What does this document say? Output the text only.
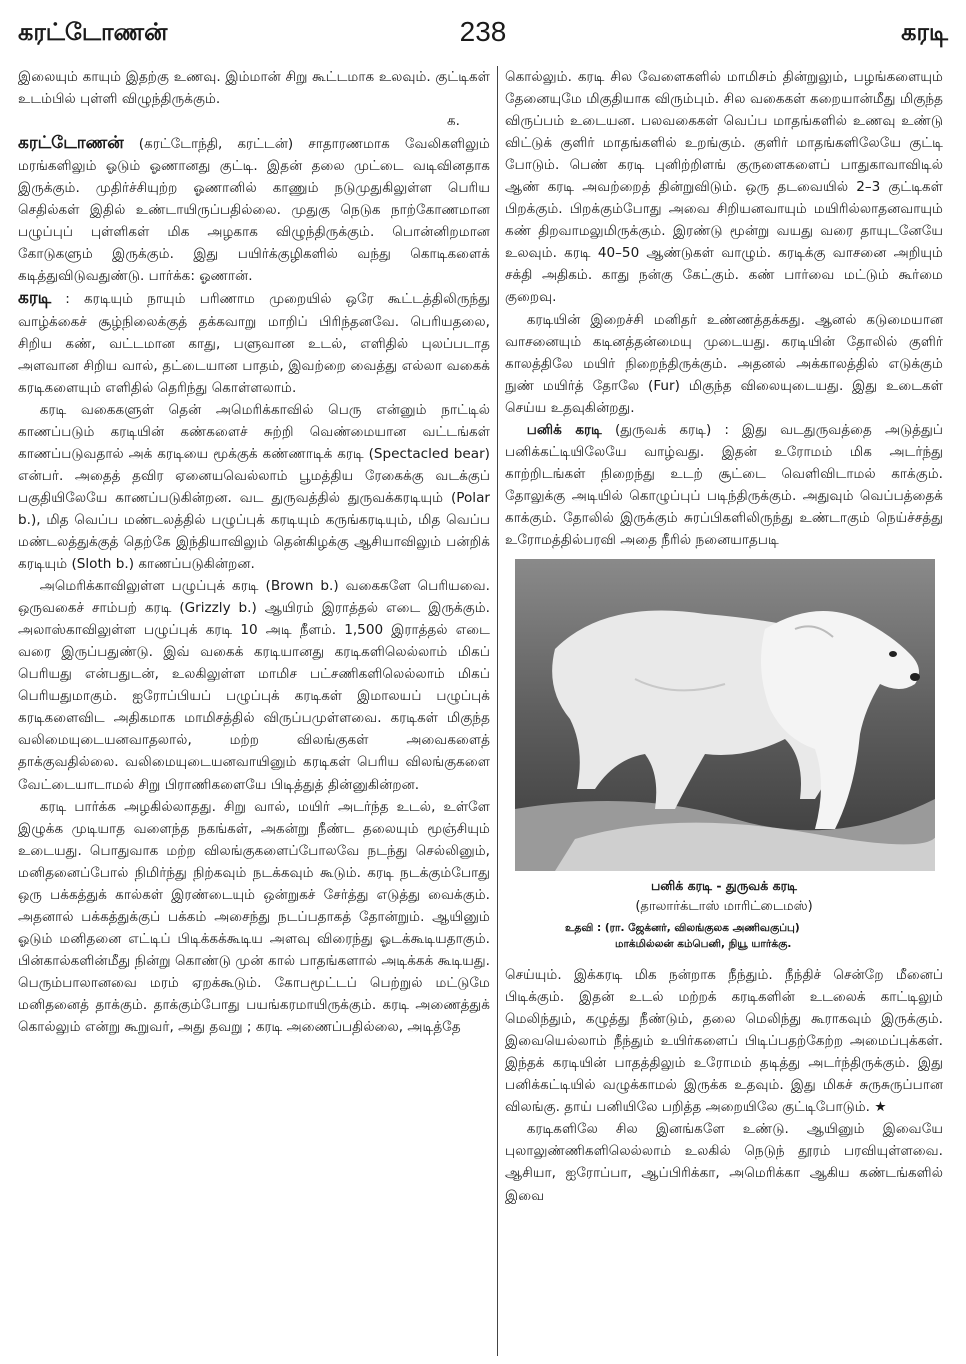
கரட்டோணன்	238	கரடி

இலையும் காயும் இதற்கு உணவு. இம்மான் சிறு கூட்டமாக உலவும். குட்டிகள் உடம்பில் புள்ளி விழுந்திருக்கும்.

க.

கரட்டோணன் (கரட்டோந்தி, கரட்டன்) சாதாரணமாக வேலிகளிலும் மரங்களிலும் ஓடும் ஓணானது குட்டி. இதன் தலை முட்டை வடிவினதாக இருக்கும். முதிர்ச்சியுற்ற ஓணானில் காணும் நடுமுதுகிலுள்ள பெரிய செதில்கள் இதில் உண்டாயிருப்பதில்லை. முதுகு நெடுக நாற்கோணமான பழுப்புப் புள்ளிகள் மிக அழகாக விழுந்திருக்கும். பொன்னிறமான கோடுகளும் இருக்கும். இது பயிர்க்குழிகளில் வந்து கொடிகளைக் கடித்துவிடுவதுண்டு. பார்க்க: ஓணான்.

கரடி : கரடியும் நாயும் பரிணாம முறையில் ஒரே கூட்டத்திலிருந்து வாழ்க்கைச் சூழ்நிலைக்குத் தக்கவாறு மாறிப் பிரிந்தனவே. பெரியதலை, சிறிய கண், வட்டமான காது, பளுவான உடல், எளிதில் புலப்படாத அளவான சிறிய வால், தட்டையான பாதம், இவற்றை வைத்து எல்லா வகைக் கரடிகளையும் எளிதில் தெரிந்து கொள்ளலாம்.

கரடி வகைகளுள் தென் அமெரிக்காவில் பெரு என்னும் நாட்டில் காணப்படும் கரடியின் கண்களைச் சுற்றி வெண்மையான வட்டங்கள் காணப்படுவதால் அக் கரடியை மூக்குக் கண்ணாடிக் கரடி (Spectacled bear) என்பர். அதைத் தவிர ஏனையவெல்லாம் பூமத்திய ரேகைக்கு வடக்குப் பகுதியிலேயே காணப்படுகின்றன. வட துருவத்தில் துருவக்கரடியும் (Polar b.), மித வெப்ப மண்டலத்தில் பழுப்புக் கரடியும் கருங்கரடியும், மித வெப்ப மண்டலத்துக்குத் தெற்கே இந்தியாவிலும் தென்கிழக்கு ஆசியாவிலும் பன்றிக் கரடியும் (Sloth b.) காணப்படுகின்றன.

அமெரிக்காவிலுள்ள பழுப்புக் கரடி (Brown b.) வகைகளே பெரியவை. ஒருவகைச் சாம்பற் கரடி (Grizzly b.) ஆயிரம் இராத்தல் எடை இருக்கும். அலாஸ்காவிலுள்ள பழுப்புக் கரடி 10 அடி நீளம். 1,500 இராத்தல் எடை வரை இருப்பதுண்டு. இவ் வகைக் கரடியானது கரடிகளிலெல்லாம் மிகப் பெரியது என்பதுடன், உலகிலுள்ள மாமிச பட்சணிகளிலெல்லாம் மிகப் பெரியதுமாகும். ஐரோப்பியப் பழுப்புக் கரடிகள் இமாலயப் பழுப்புக் கரடிகளைவிட அதிகமாக மாமிசத்தில் விருப்பமுள்ளவை. கரடிகள் மிகுந்த வலிமையுடையனவாதலால், மற்ற விலங்குகள் அவைகளைத் தாக்குவதில்லை. வலிமையுடையனவாயினும் கரடிகள் பெரிய விலங்குகளை வேட்டையாடாமல் சிறு பிராணிகளையே பிடித்துத் தின்னுகின்றன.

கரடி பார்க்க அழகில்லாதது. சிறு வால், மயிர் அடர்ந்த உடல், உள்ளே இழுக்க முடியாத வளைந்த நகங்கள், அகன்று நீண்ட தலையும் மூஞ்சியும் உடையது. பொதுவாக மற்ற விலங்குகளைப்போலவே நடந்து செல்லினும், மனிதனைப்போல் நிமிர்ந்து நிற்கவும் நடக்கவும் கூடும். கரடி நடக்கும்போது ஒரு பக்கத்துக் கால்கள் இரண்டையும் ஒன்றுகச் சேர்த்து எடுத்து வைக்கும். அதனால் பக்கத்துக்குப் பக்கம் அசைந்து நடப்பதாகத் தோன்றும். ஆயினும் ஓடும் மனிதனை எட்டிப் பிடிக்கக்கூடிய அளவு விரைந்து ஓடக்கூடியதாகும். பின்கால்களின்மீது நின்று கொண்டு முன் கால் பாதங்களால் அடிக்கக் கூடியது. பெரும்பாலானவை மரம் ஏறக்கூடும். கோபமூட்டப் பெற்றுல் மட்டுமே மனிதனைத் தாக்கும். தாக்கும்போது பயங்கரமாயிருக்கும். கரடி அணைத்துக் கொல்லும் என்று கூறுவர், அது தவறு ; கரடி அணைப்பதில்லை, அடித்தே

கொல்லும். கரடி சில வேளைகளில் மாமிசம் தின்றுலும், பழங்களையும் தேனையுமே மிகுதியாக விரும்பும். சில வகைகள் கறையான்மீது மிகுந்த விருப்பம் உடையன. பலவகைகள் வெப்ப மாதங்களில் உணவு உண்டு விட்டுக் குளிர் மாதங்களில் உறங்கும். குளிர் மாதங்களிலேயே குட்டி போடும். பெண் கரடி புனிற்றிளங் குருளைகளைப் பாதுகாவாவிடில் ஆண் கரடி அவற்றைத் தின்றுவிடும். ஒரு தடவையில் 2–3 குட்டிகள் பிறக்கும். பிறக்கும்போது அவை சிறியனவாயும் மயிரில்லாதனவாயும் கண் திறவாமலுமிருக்கும். இரண்டு மூன்று வயது வரை தாயுடனேயே உலவும். கரடி 40–50 ஆண்டுகள் வாழும். கரடிக்கு வாசனை அறியும் சக்தி அதிகம். காது நன்கு கேட்கும். கண் பார்வை மட்டும் கூர்மை குறைவு.

கரடியின் இறைச்சி மனிதர் உண்ணத்தக்கது. ஆனல் கடுமையான வாசனையும் கடினத்தன்மையு முடையது. கரடியின் தோலில் குளிர் காலத்திலே மயிர் நிறைந்திருக்கும். அதனல் அக்காலத்தில் எடுக்கும் நுண் மயிர்த் தோலே (Fur) மிகுந்த விலையுடையது. இது உடைகள் செய்ய உதவுகின்றது.

பனிக் கரடி (துருவக் கரடி) : இது வடதுருவத்தை அடுத்துப் பனிக்கட்டியிலேயே வாழ்வது. இதன் உரோமம் மிக அடர்ந்து காற்றிடங்கள் நிறைந்து உடற் சூட்டை வெளிவிடாமல் காக்கும். தோலுக்கு அடியில் கொழுப்புப் படிந்திருக்கும். அதுவும் வெப்பத்தைக் காக்கும். தோலில் இருக்கும் சுரப்பிகளிலிருந்து உண்டாகும் நெய்ச்சத்து உரோமத்தில்பரவி அதை நீரில் நனையாதபடி

பனிக் கரடி - துருவக் கரடி
(தாலார்க்டாஸ் மாரிட்டைமஸ்)
உதவி : (ரா. ஜேக்னர், விலங்குலக அணிவகுப்பு)
மாக்மில்லன் கம்பெனி, நியூ யார்க்கு.

செய்யும். இக்கரடி மிக நன்றாக நீந்தும். நீந்திச் சென்றே மீனைப் பிடிக்கும். இதன் உடல் மற்றக் கரடிகளின் உடலைக் காட்டிலும் மெலிந்தும், கழுத்து நீண்டும், தலை மெலிந்து கூராகவும் இருக்கும். இவையெல்லாம் நீந்தும் உயிர்களைப் பிடிப்பதற்கேற்ற அமைப்புக்கள். இந்தக் கரடியின் பாதத்திலும் உரோமம் தடித்து அடர்ந்திருக்கும். இது பனிக்கட்டியில் வழுக்காமல் இருக்க உதவும். இது மிகச் சுருசுருப்பான விலங்கு. தாய் பனியிலே பறித்த அறையிலே குட்டிபோடும். ★

கரடிகளிலே சில இனங்களே உண்டு. ஆயினும் இவையே புலாலுண்ணிகளிலெல்லாம் உலகில் நெடுந் தூரம் பரவியுள்ளவை. ஆசியா, ஐரோப்பா, ஆப்பிரிக்கா, அமெரிக்கா ஆகிய கண்டங்களில் இவை
